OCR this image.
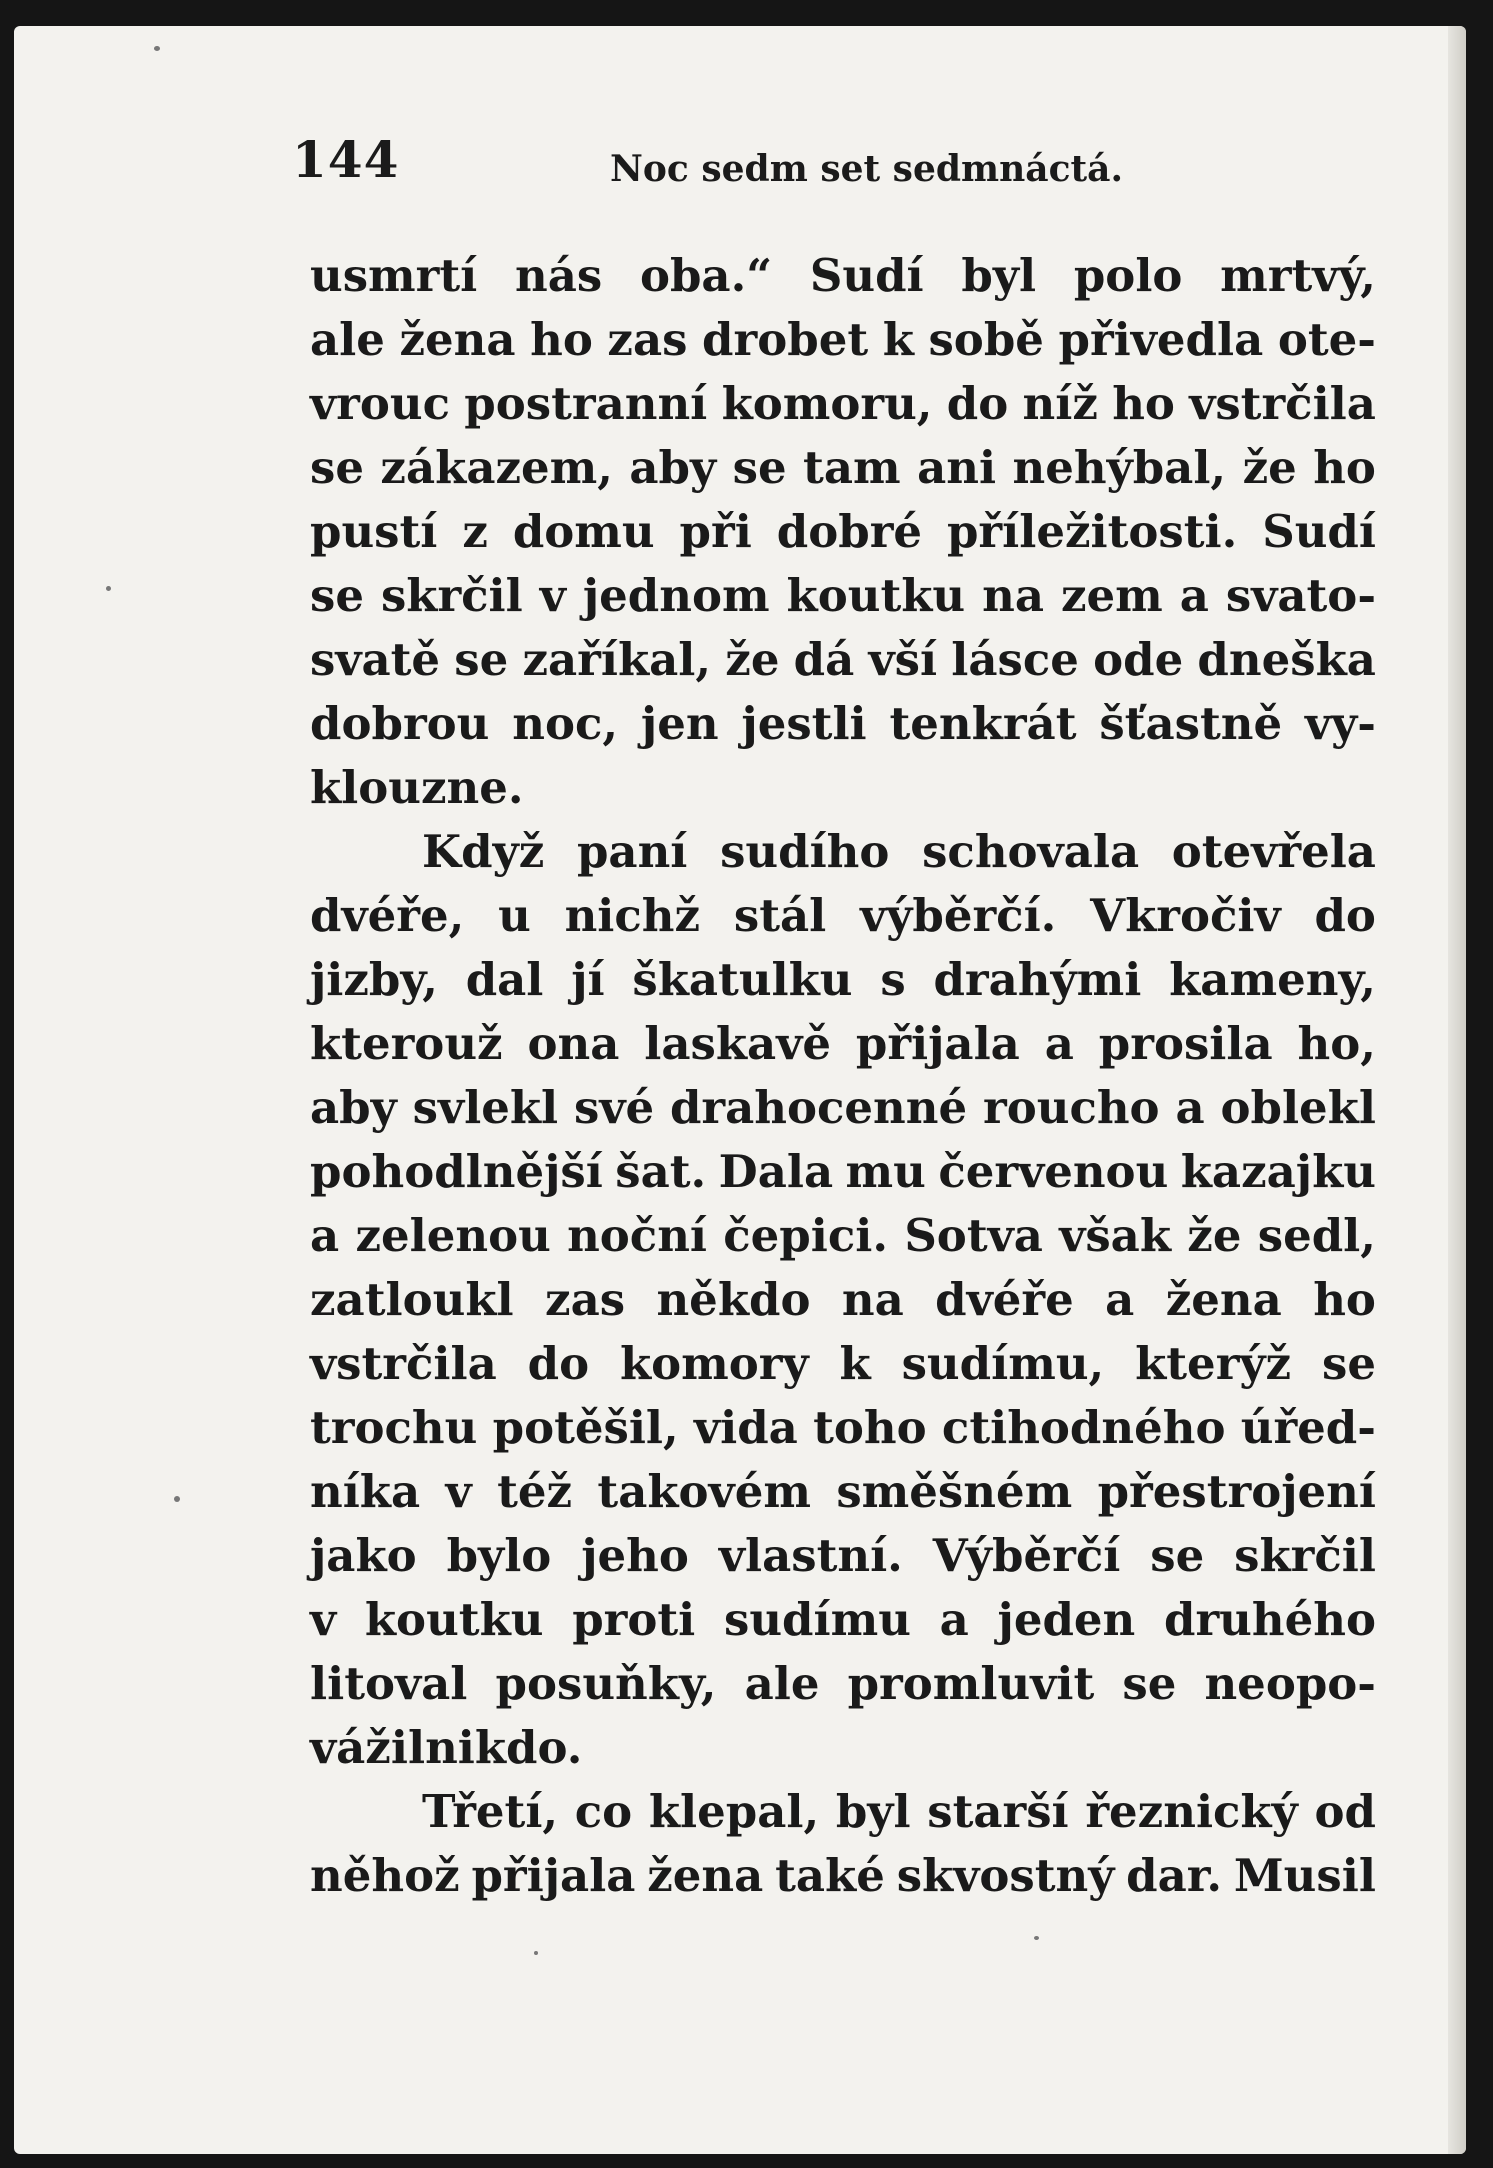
144	Noc sedm set sedmnáctá.
usmrtí nás oba.“ Sudí byl polo mrtvý,
ale žena ho zas drobet k sobě přivedla ote-
vrouc postranní komoru, do níž ho vstrčila
se zákazem, aby se tam ani nehýbal, že ho
pustí z domu při dobré příležitosti. Sudí
se skrčil v jednom koutku na zem a svato-
svatě se zaříkal, že dá vší lásce ode dneška
dobrou noc, jen jestli tenkrát šťastně vy-
klouzne.
Když paní sudího schovala otevřela
dvéře, u nichž stál výběrčí. Vkročiv do
jizby, dal jí škatulku s drahými kameny,
kterouž ona laskavě přijala a prosila ho,
aby svlekl své drahocenné roucho a oblekl
pohodlnější šat. Dala mu červenou kazajku
a zelenou noční čepici. Sotva však že sedl,
zatloukl zas někdo na dvéře a žena ho
vstrčila do komory k sudímu, kterýž se
trochu potěšil, vida toho ctihodného úřed-
níka v též takovém směšném přestrojení
jako bylo jeho vlastní. Výběrčí se skrčil
v koutku proti sudímu a jeden druhého
litoval posuňky, ale promluvit se neopo-
vážil nikdo.
Třetí, co klepal, byl starší řeznický od
něhož přijala žena také skvostný dar. Musil
